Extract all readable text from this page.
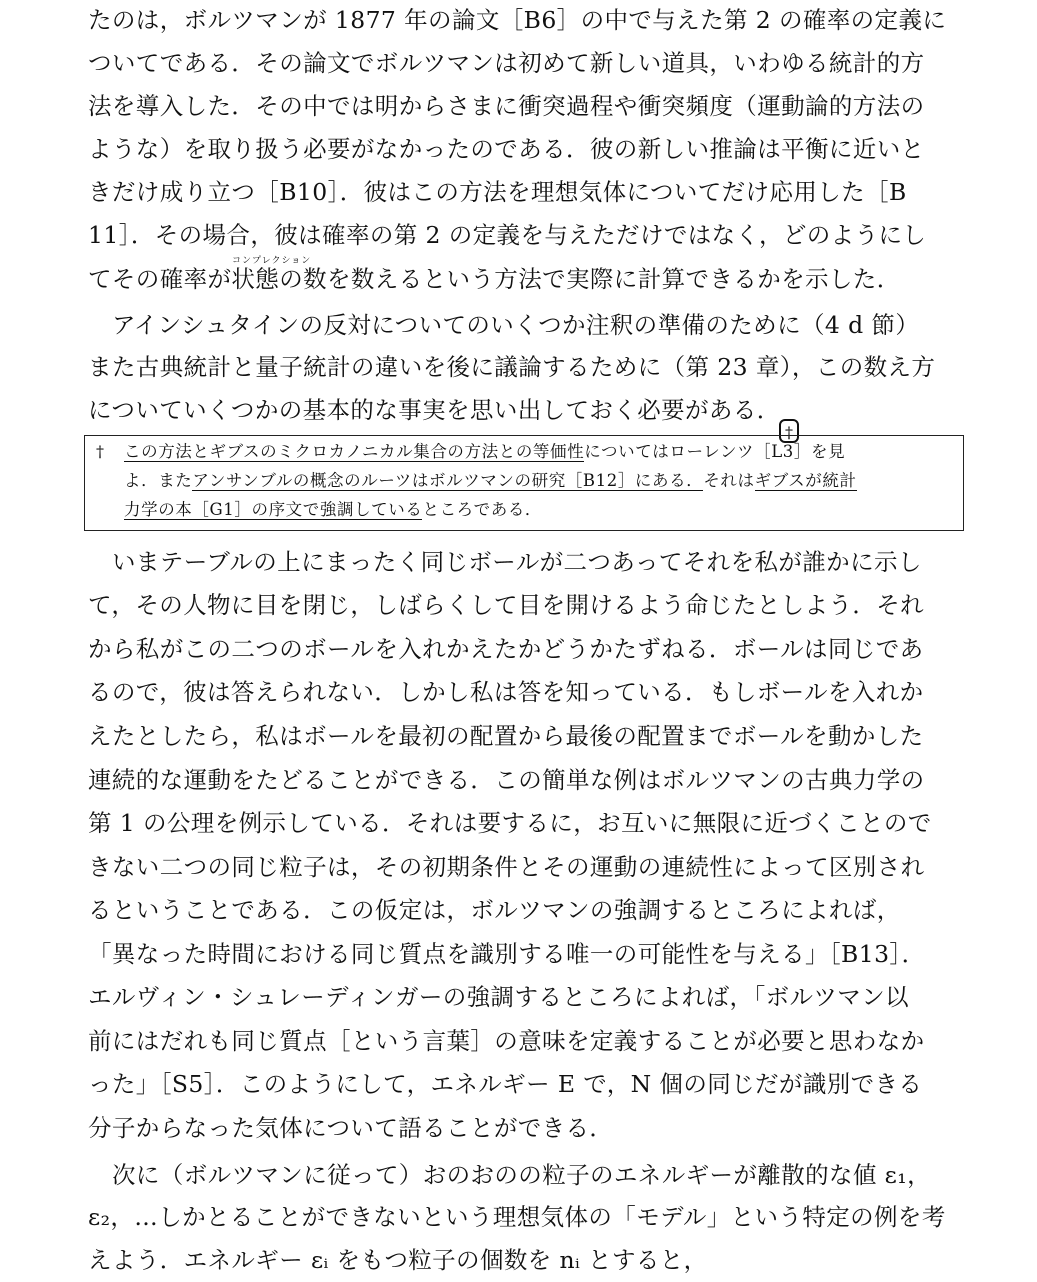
たのは，ボルツマンが 1877 年の論文［B6］の中で与えた第 2 の確率の定義に
ついてである．その論文でボルツマンは初めて新しい道具，いわゆる統計的方
法を導入した．その中では明からさまに衝突過程や衝突頻度（運動論的方法の
ような）を取り扱う必要がなかったのである．彼の新しい推論は平衡に近いと
きだけ成り立つ［B10］．彼はこの方法を理想気体についてだけ応用した［B
11］．その場合，彼は確率の第 2 の定義を与えただけではなく，どのようにし
コンプレクション
てその確率が状態の数を数えるという方法で実際に計算できるかを示した．
アインシュタインの反対についてのいくつか注釈の準備のために（4 d 節）
また古典統計と量子統計の違いを後に議論するために（第 23 章），この数え方
についていくつかの基本的な事実を思い出しておく必要がある．
†
† この方法とギブスのミクロカノニカル集合の方法との等価性についてはローレンツ［L3］を見
よ．またアンサンブルの概念のルーツはボルツマンの研究［B12］にある．それはギブスが統計
力学の本［G1］の序文で強調しているところである．
いまテーブルの上にまったく同じボールが二つあってそれを私が誰かに示し
て，その人物に目を閉じ，しばらくして目を開けるよう命じたとしよう．それ
から私がこの二つのボールを入れかえたかどうかたずねる．ボールは同じであ
るので，彼は答えられない．しかし私は答を知っている．もしボールを入れか
えたとしたら，私はボールを最初の配置から最後の配置までボールを動かした
連続的な運動をたどることができる．この簡単な例はボルツマンの古典力学の
第 1 の公理を例示している．それは要するに，お互いに無限に近づくことので
きない二つの同じ粒子は，その初期条件とその運動の連続性によって区別され
るということである．この仮定は，ボルツマンの強調するところによれば，
「異なった時間における同じ質点を識別する唯一の可能性を与える」［B13］．
エルヴィン・シュレーディンガーの強調するところによれば，「ボルツマン以
前にはだれも同じ質点［という言葉］の意味を定義することが必要と思わなか
った」［S5］．このようにして，エネルギー E で，N 個の同じだが識別できる
分子からなった気体について語ることができる．
次に（ボルツマンに従って）おのおのの粒子のエネルギーが離散的な値 ε₁，
ε₂，…しかとることができないという理想気体の「モデル」という特定の例を考
えよう．エネルギー εᵢ をもつ粒子の個数を nᵢ とすると，
